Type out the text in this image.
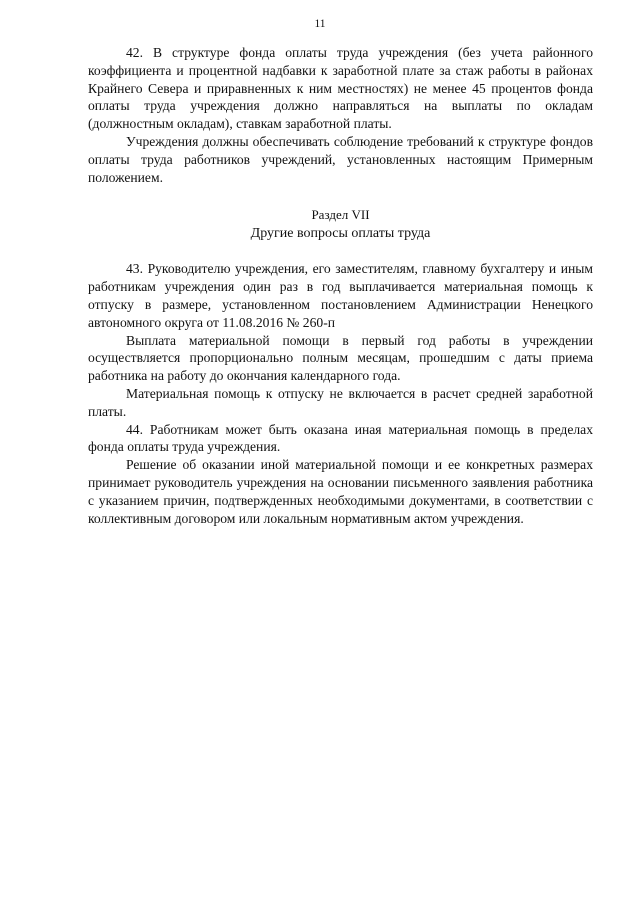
11

42. В структуре фонда оплаты труда учреждения (без учета районного коэффициента и процентной надбавки к заработной плате за стаж работы в районах Крайнего Севера и приравненных к ним местностях) не менее 45 процентов фонда оплаты труда учреждения должно направляться на выплаты по окладам (должностным окладам), ставкам заработной платы.

Учреждения должны обеспечивать соблюдение требований к структуре фондов оплаты труда работников учреждений, установленных настоящим Примерным положением.

Раздел VII
Другие вопросы оплаты труда

43. Руководителю учреждения, его заместителям, главному бухгалтеру и иным работникам учреждения один раз в год выплачивается материальная помощь к отпуску в размере, установленном постановлением Администрации Ненецкого автономного округа от 11.08.2016 № 260-п

Выплата материальной помощи в первый год работы в учреждении осуществляется пропорционально полным месяцам, прошедшим с даты приема работника на работу до окончания календарного года.

Материальная помощь к отпуску не включается в расчет средней заработной платы.

44. Работникам может быть оказана иная материальная помощь в пределах фонда оплаты труда учреждения.

Решение об оказании иной материальной помощи и ее конкретных размерах принимает руководитель учреждения на основании письменного заявления работника с указанием причин, подтвержденных необходимыми документами, в соответствии с коллективным договором или локальным нормативным актом учреждения.
